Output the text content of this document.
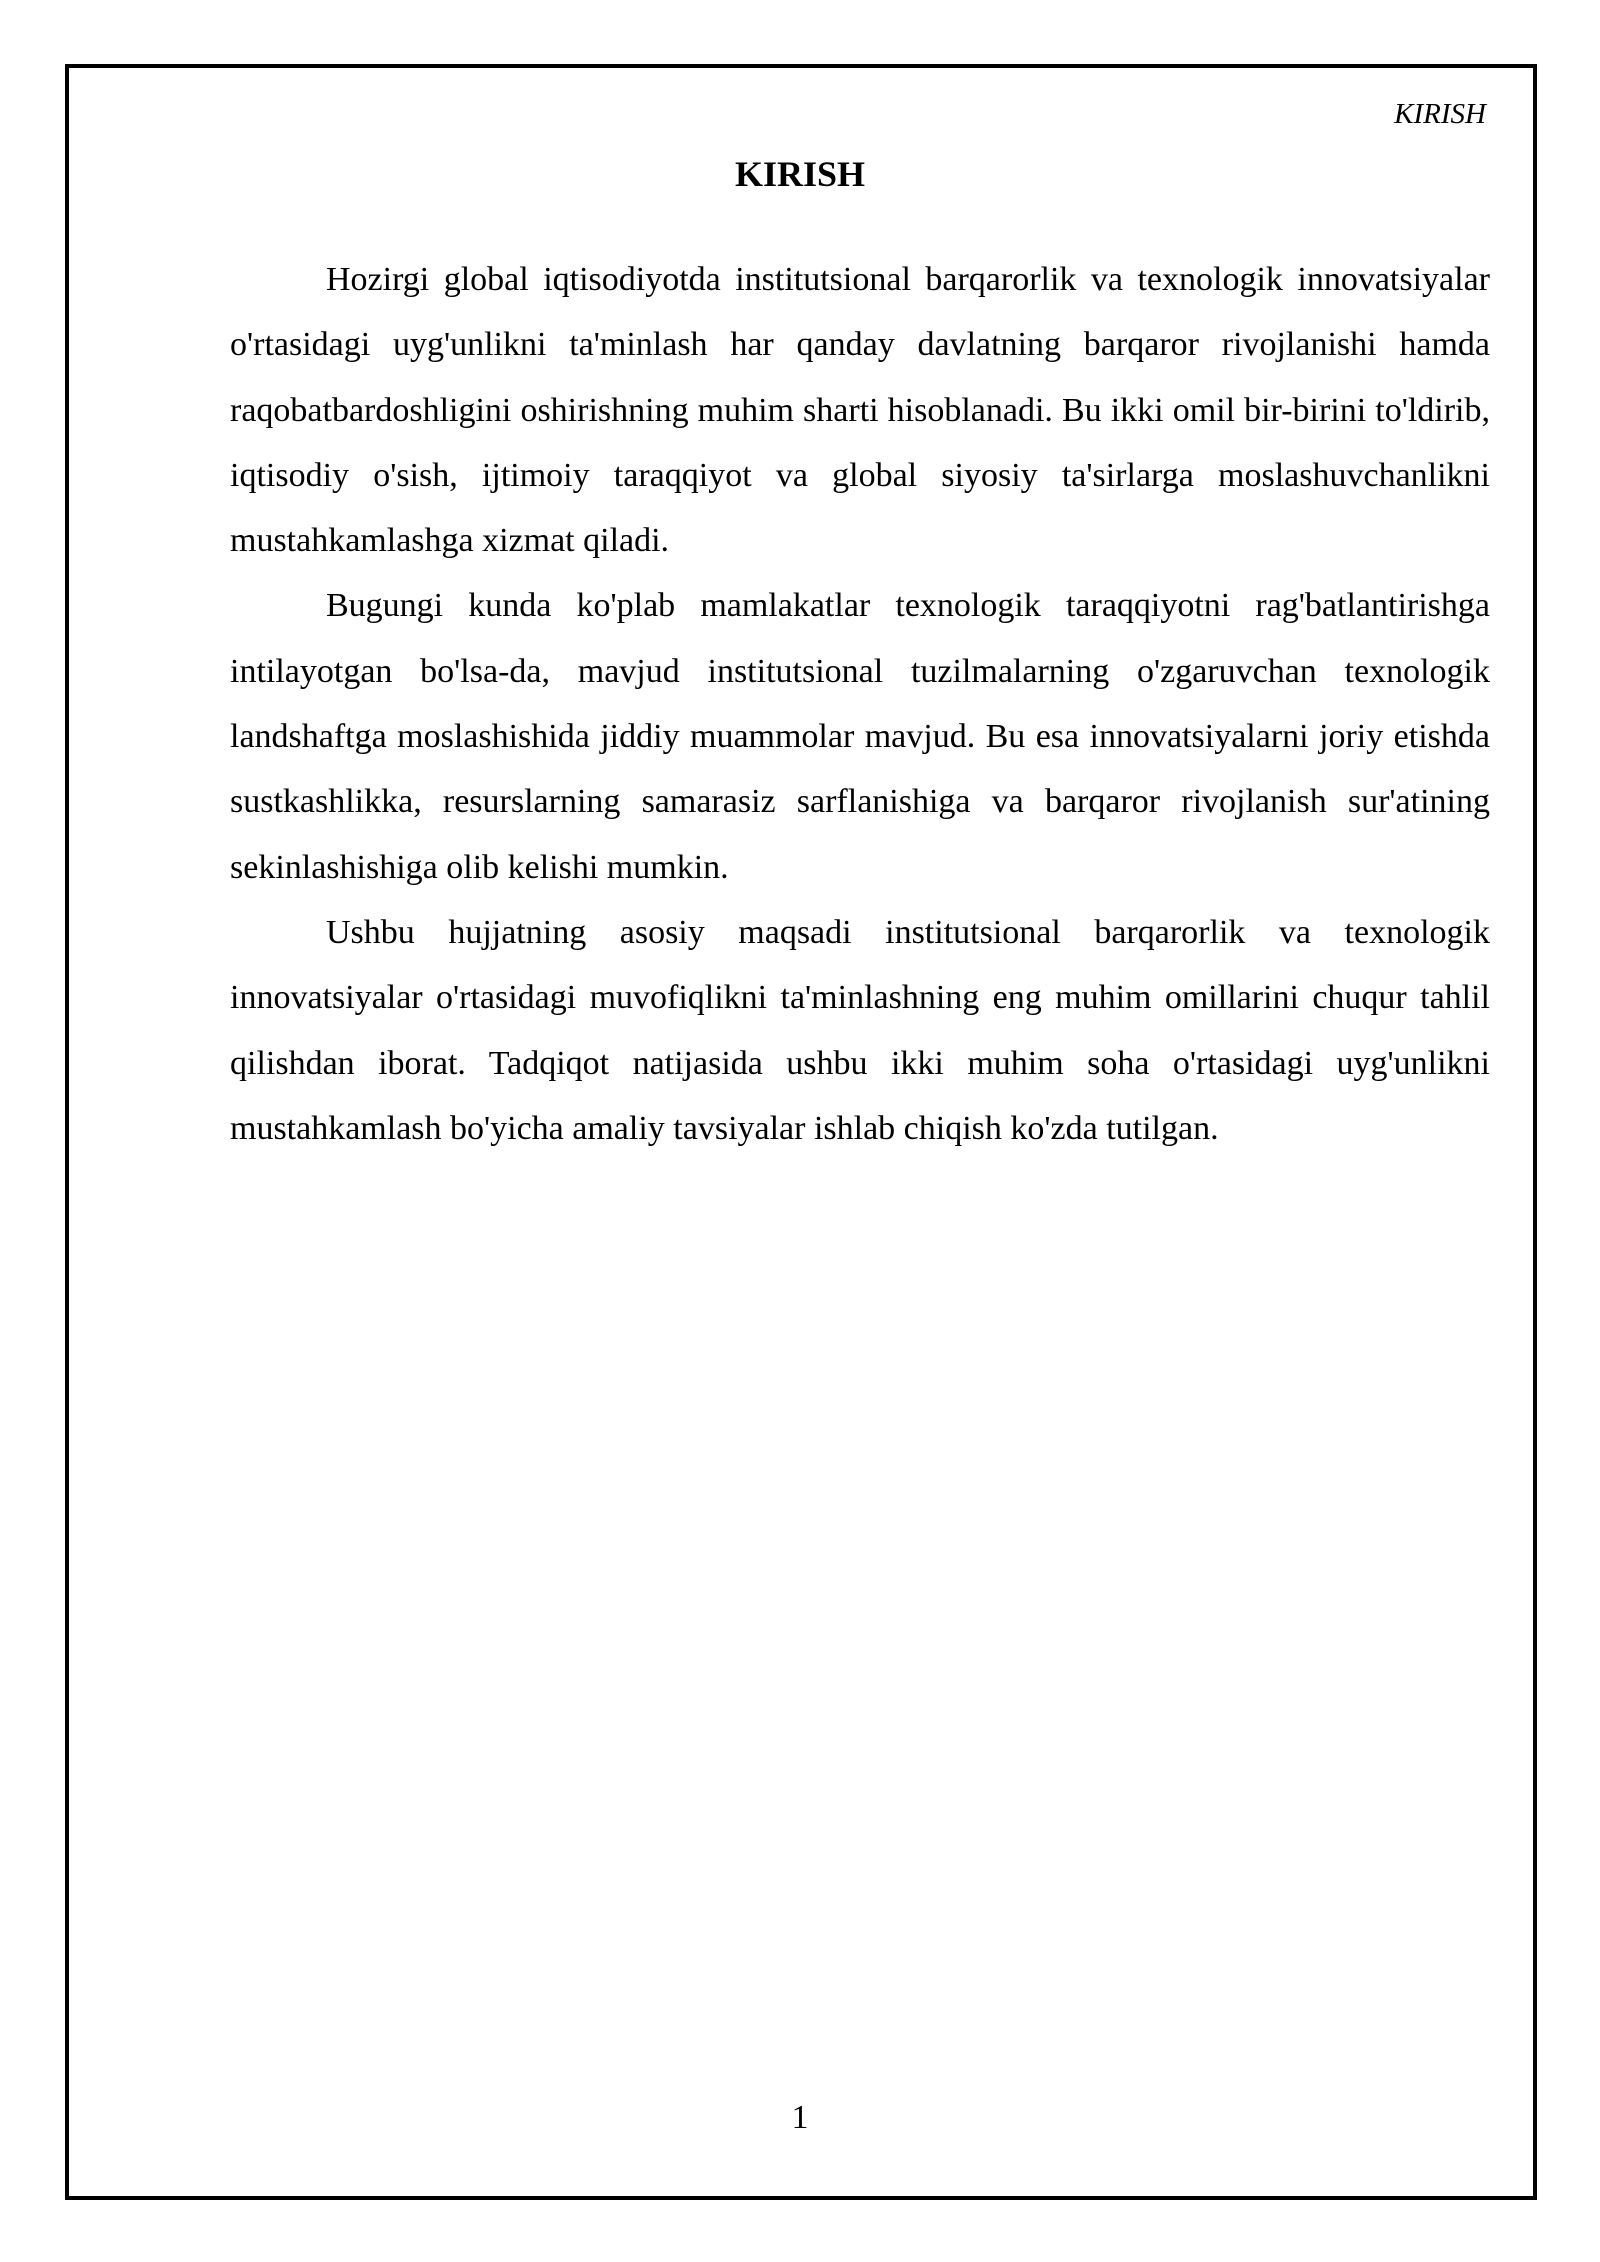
KIRISH
KIRISH

Hozirgi global iqtisodiyotda institutsional barqarorlik va texnologik innovatsiyalar o'rtasidagi uyg'unlikni ta'minlash har qanday davlatning barqaror rivojlanishi hamda raqobatbardoshligini oshirishning muhim sharti hisoblanadi. Bu ikki omil bir-birini to'ldirib, iqtisodiy o'sish, ijtimoiy taraqqiyot va global siyosiy ta'sirlarga moslashuvchanlikni mustahkamlashga xizmat qiladi.

Bugungi kunda ko'plab mamlakatlar texnologik taraqqiyotni rag'batlantirishga intilayotgan bo'lsa-da, mavjud institutsional tuzilmalarning o'zgaruvchan texnologik landshaftga moslashishida jiddiy muammolar mavjud. Bu esa innovatsiyalarni joriy etishda sustkashlikka, resurslarning samarasiz sarflanishiga va barqaror rivojlanish sur'atining sekinlashishiga olib kelishi mumkin.

Ushbu hujjatning asosiy maqsadi institutsional barqarorlik va texnologik innovatsiyalar o'rtasidagi muvofiqlikni ta'minlashning eng muhim omillarini chuqur tahlil qilishdan iborat. Tadqiqot natijasida ushbu ikki muhim soha o'rtasidagi uyg'unlikni mustahkamlash bo'yicha amaliy tavsiyalar ishlab chiqish ko'zda tutilgan.

1
